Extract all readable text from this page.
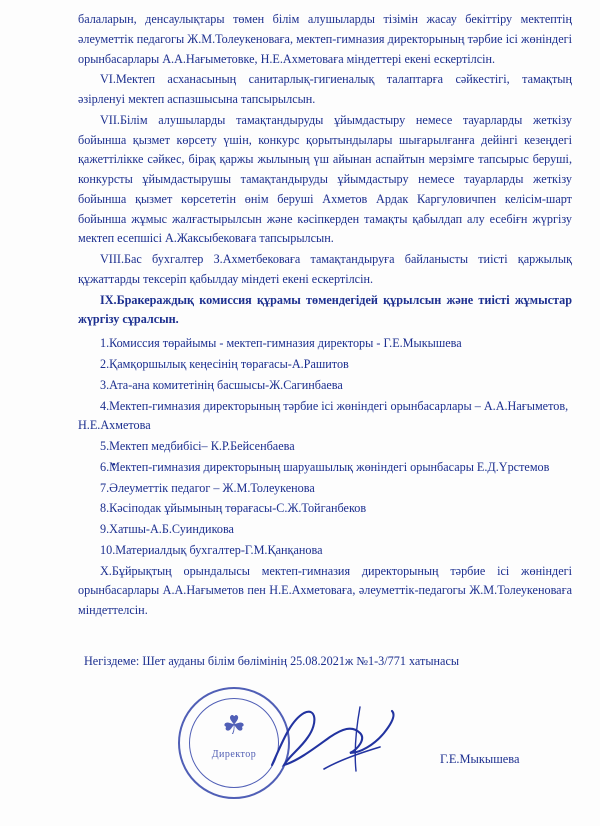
балаларын, денсаулықтары төмен білім алушыларды тізімін жасау бекіттіру мектептің әлеуметтік педагогы Ж.М.Толеукеноваға, мектеп-гимназия директорының тәрбие ісі жөніндегі орынбасарлары А.А.Нағыметовке, Н.Е.Ахметоваға міндеттері екені ескертілсін.

VI.Мектеп асханасының санитарлық-гигиеналық талаптарға сәйкестігі, тамақтың әзірленуі мектеп аспазшысына тапсырылсын.

VII.Білім алушыларды тамақтандыруды ұйымдастыру немесе тауарларды жеткізу бойынша қызмет көрсету үшін, конкурс қорытындылары шығарылғанға дейінгі кезеңдегі қажеттілікке сәйкес, бірақ қаржы жылының үш айынан аспайтын мерзімге тапсырыс беруші, конкурсты ұйымдастырушы тамақтандыруды ұйымдастыру немесе тауарларды жеткізу бойынша қызмет көрсететін өнім беруші Ахметов Ардак Каргуловичпен келісім-шарт бойынша жұмыс жалғастырылсын және кәсіпкерден тамақты қабылдап алу есебіғн жүргізу мектеп есепшісі А.Жаксыбековаға тапсырылсын.

VIII.Бас бухгалтер З.Ахметбековаға тамақтандыруға байланысты тиісті қаржылық құжаттарды тексеріп қабылдау міндеті екені ескертілсін.

IX.Бракераждық комиссия құрамы төмендегідей құрылсын және тиісті жұмыстар жүргізу сұралсын.

1.Комиссия төрайымы - мектеп-гимназия директоры - Г.Е.Мыкышева
2.Қамқоршылық кеңесінің төрағасы-А.Рашитов
3.Ата-ана комитетінің басшысы-Ж.Сагинбаева
4.Мектеп-гимназия директорының тәрбие ісі жөніндегі орынбасарлары – А.А.Нағыметов, Н.Е.Ахметова
5.Мектеп медбибісі– К.Р.Бейсенбаева
• 6.Мектеп-гимназия директорының шаруашылық жөніндегі орынбасары Е.Д.Үрстемов
7.Әлеуметтік педагог – Ж.М.Толеукенова
8.Кәсіподак ұйымының төрағасы-С.Ж.Тойганбеков
9.Хатшы-А.Б.Суиндикова
10.Материалдық бухгалтер-Г.М.Қанқанова

X.Бұйрықтың орындалысы мектеп-гимназия директорының тәрбие ісі жөніндегі орынбасарлары А.А.Нағыметов пен Н.Е.Ахметоваға, әлеуметтік-педагогы Ж.М.Толеукеноваға міндеттелсін.

Негіздеме: Шет ауданы білім бөлімінің 25.08.2021ж №1-3/771 хатынасы

☘
Директор	Г.Е.Мыкышева
